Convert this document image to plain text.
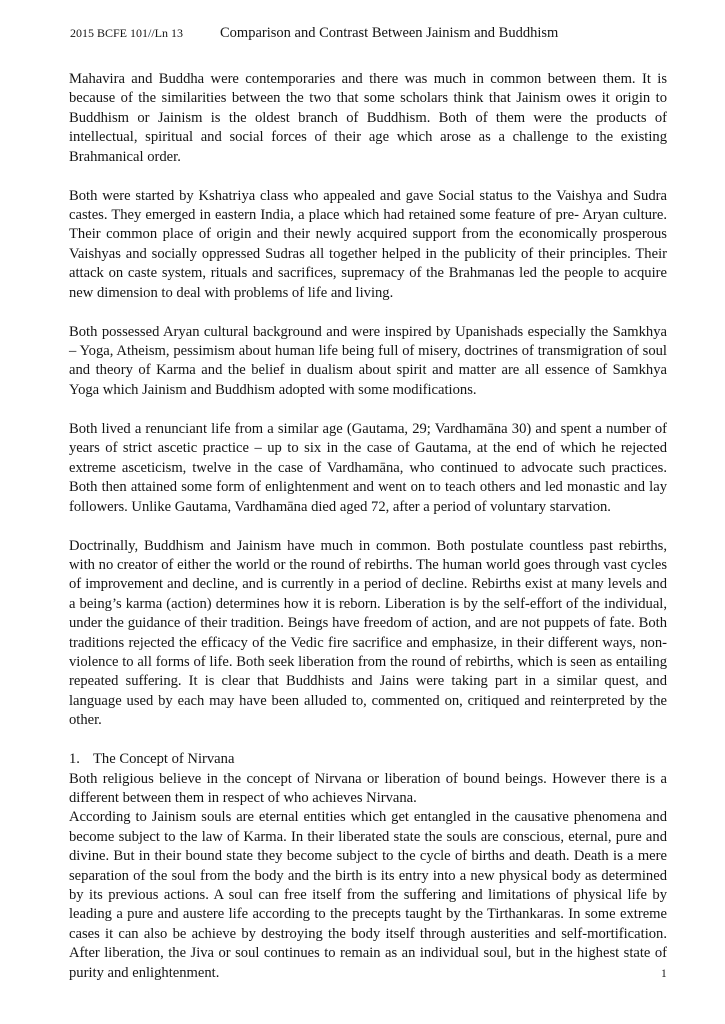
2015 BCFE 101//Ln 13	Comparison and Contrast Between Jainism and Buddhism

Mahavira and Buddha were contemporaries and there was much in common between them. It is because of the similarities between the two that some scholars think that Jainism owes it origin to Buddhism or Jainism is the oldest branch of Buddhism. Both of them were the products of intellectual, spiritual and social forces of their age which arose as a challenge to the existing Brahmanical order.

Both were started by Kshatriya class who appealed and gave Social status to the Vaishya and Sudra castes. They emerged in eastern India, a place which had retained some feature of pre- Aryan culture. Their common place of origin and their newly acquired support from the economically prosperous Vaishyas and socially oppressed Sudras all together helped in the publicity of their principles. Their attack on caste system, rituals and sacrifices, supremacy of the Brahmanas led the people to acquire new dimension to deal with problems of life and living.

Both possessed Aryan cultural background and were inspired by Upanishads especially the Samkhya – Yoga, Atheism, pessimism about human life being full of misery, doctrines of transmigration of soul and theory of Karma and the belief in dualism about spirit and matter are all essence of Samkhya Yoga which Jainism and Buddhism adopted with some modifications.

Both lived a renunciant life from a similar age (Gautama, 29; Vardhamāna 30) and spent a number of years of strict ascetic practice – up to six in the case of Gautama, at the end of which he rejected extreme asceticism, twelve in the case of Vardhamāna, who continued to advocate such practices. Both then attained some form of enlightenment and went on to teach others and led monastic and lay followers. Unlike Gautama, Vardhamāna died aged 72, after a period of voluntary starvation.

Doctrinally, Buddhism and Jainism have much in common. Both postulate countless past rebirths, with no creator of either the world or the round of rebirths. The human world goes through vast cycles of improvement and decline, and is currently in a period of decline. Rebirths exist at many levels and a being’s karma (action) determines how it is reborn. Liberation is by the self-effort of the individual, under the guidance of their tradition. Beings have freedom of action, and are not puppets of fate. Both traditions rejected the efficacy of the Vedic fire sacrifice and emphasize, in their different ways, non-violence to all forms of life. Both seek liberation from the round of rebirths, which is seen as entailing repeated suffering. It is clear that Buddhists and Jains were taking part in a similar quest, and language used by each may have been alluded to, commented on, critiqued and reinterpreted by the other.

1. The Concept of Nirvana

Both religious believe in the concept of Nirvana or liberation of bound beings. However there is a different between them in respect of who achieves Nirvana.

According to Jainism souls are eternal entities which get entangled in the causative phenomena and become subject to the law of Karma. In their liberated state the souls are conscious, eternal, pure and divine. But in their bound state they become subject to the cycle of births and death. Death is a mere separation of the soul from the body and the birth is its entry into a new physical body as determined by its previous actions. A soul can free itself from the suffering and limitations of physical life by leading a pure and austere life according to the precepts taught by the Tirthankaras. In some extreme cases it can also be achieve by destroying the body itself through austerities and self-mortification. After liberation, the Jiva or soul continues to remain as an individual soul, but in the highest state of purity and enlightenment.	1
